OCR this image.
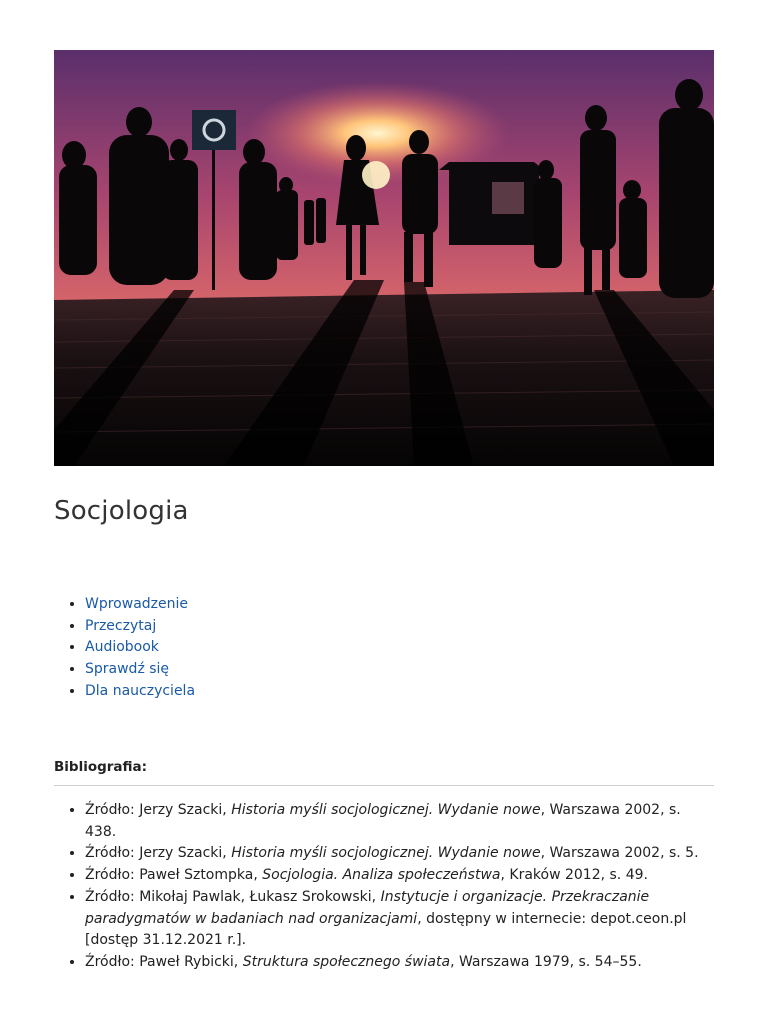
Socjologia
• Wprowadzenie
• Przeczytaj
• Audiobook
• Sprawdź się
• Dla nauczyciela
Bibliografia:
• Źródło: Jerzy Szacki, Historia myśli socjologicznej. Wydanie nowe, Warszawa 2002, s. 438.
• Źródło: Jerzy Szacki, Historia myśli socjologicznej. Wydanie nowe, Warszawa 2002, s. 5.
• Źródło: Paweł Sztompka, Socjologia. Analiza społeczeństwa, Kraków 2012, s. 49.
• Źródło: Mikołaj Pawlak, Łukasz Srokowski, Instytucje i organizacje. Przekraczanie paradygmatów w badaniach nad organizacjami, dostępny w internecie: depot.ceon.pl [dostęp 31.12.2021 r.].
• Źródło: Paweł Rybicki, Struktura społecznego świata, Warszawa 1979, s. 54–55.
